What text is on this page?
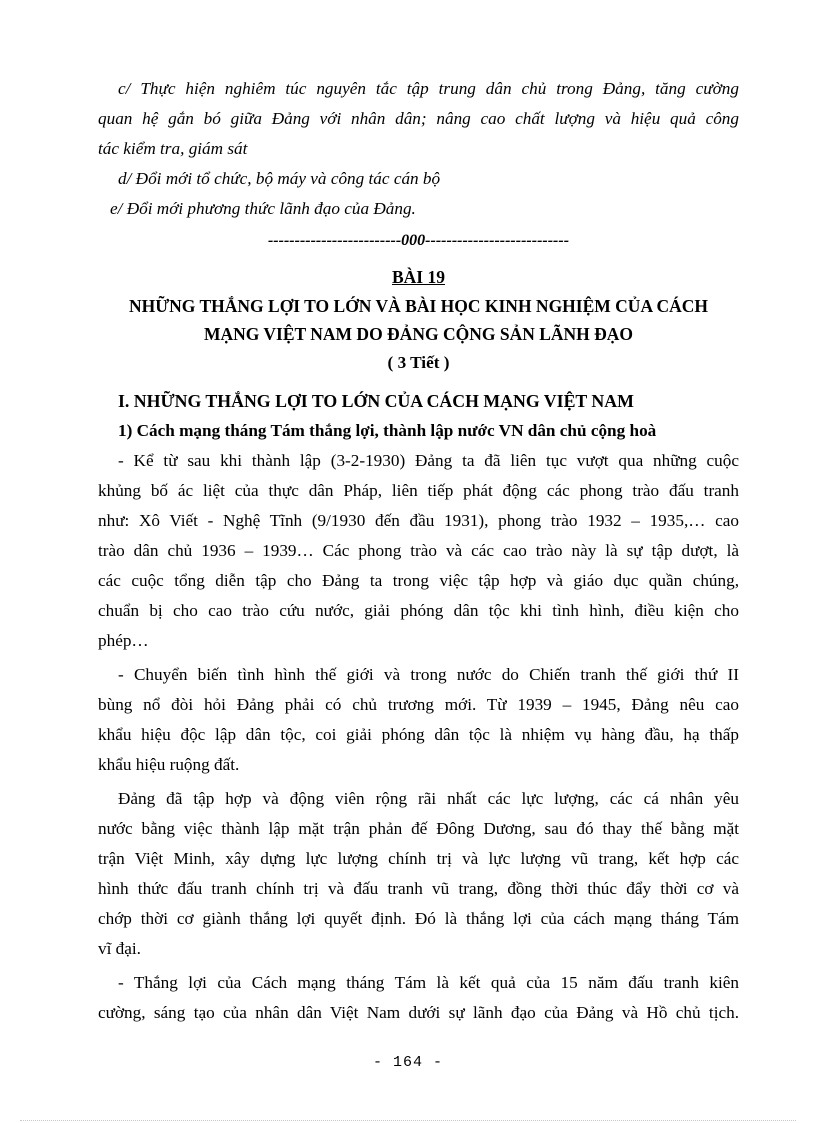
c/ Thực hiện nghiêm túc nguyên tắc tập trung dân chủ trong Đảng, tăng cường
quan hệ gắn bó giữa Đảng với nhân dân; nâng cao chất lượng và hiệu quả công
tác kiểm tra, giám sát
d/ Đổi mới tổ chức, bộ máy và công tác cán bộ
e/ Đổi mới phương thức lãnh đạo của Đảng.
-------------------------000---------------------------
BÀI 19
NHỮNG THẮNG LỢI TO LỚN VÀ BÀI HỌC KINH NGHIỆM CỦA CÁCH
MẠNG VIỆT NAM DO ĐẢNG CỘNG SẢN LÃNH ĐẠO
( 3 Tiết )
I. NHỮNG THẮNG LỢI TO LỚN CỦA CÁCH MẠNG VIỆT NAM
1) Cách mạng tháng Tám thắng lợi, thành lập nước VN dân chủ cộng hoà
- Kể từ sau khi thành lập (3-2-1930) Đảng ta đã liên tục vượt qua những cuộc
khủng bố ác liệt của thực dân Pháp, liên tiếp phát động các phong trào đấu tranh
như: Xô Viết - Nghệ Tĩnh (9/1930 đến đầu 1931), phong trào 1932 – 1935,… cao
trào dân chủ 1936 – 1939… Các phong trào và các cao trào này là sự tập dượt, là
các cuộc tổng diễn tập cho Đảng ta trong việc tập hợp và giáo dục quần chúng,
chuẩn bị cho cao trào cứu nước, giải phóng dân tộc khi tình hình, điều kiện cho
phép…
- Chuyển biến tình hình thế giới và trong nước do Chiến tranh thế giới thứ II
bùng nổ đòi hỏi Đảng phải có chủ trương mới. Từ 1939 – 1945, Đảng nêu cao
khẩu hiệu độc lập dân tộc, coi giải phóng dân tộc là nhiệm vụ hàng đầu, hạ thấp
khẩu hiệu ruộng đất.
Đảng đã tập hợp và động viên rộng rãi nhất các lực lượng, các cá nhân yêu
nước bằng việc thành lập mặt trận phản đế Đông Dương, sau đó thay thế bằng mặt
trận Việt Minh, xây dựng lực lượng chính trị và lực lượng vũ trang, kết hợp các
hình thức đấu tranh chính trị và đấu tranh vũ trang, đồng thời thúc đẩy thời cơ và
chớp thời cơ giành thắng lợi quyết định. Đó là thắng lợi của cách mạng tháng Tám
vĩ đại.
- Thắng lợi của Cách mạng tháng Tám là kết quả của 15 năm đấu tranh kiên
cường, sáng tạo của nhân dân Việt Nam dưới sự lãnh đạo của Đảng và Hồ chủ tịch.
- 164 -
